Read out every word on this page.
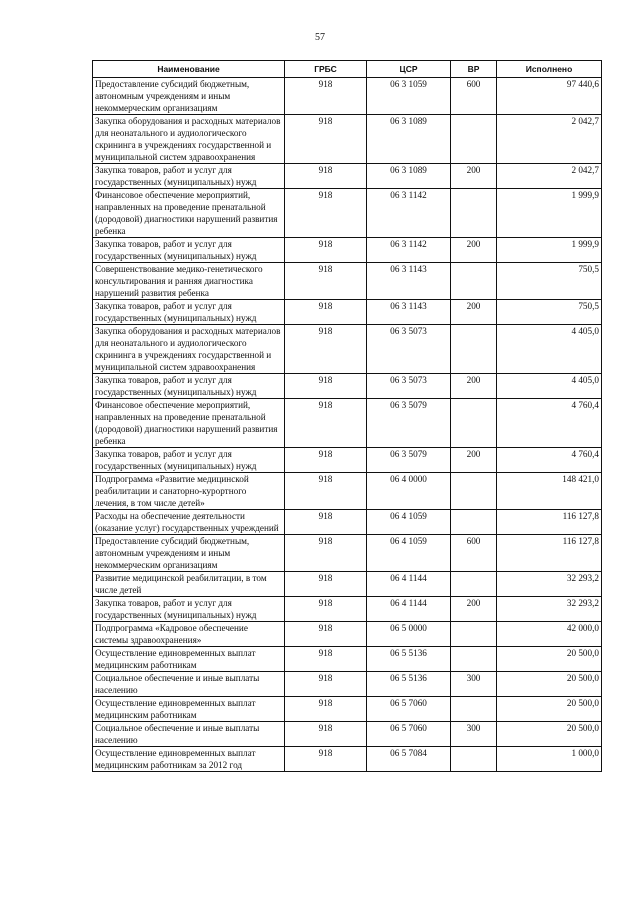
57
Наименование	ГРБС	ЦСР	ВР	Исполнено
Предоставление субсидий бюджетным, автономным учреждениям и иным некоммерческим организациям	918	06 3 1059	600	97 440,6
Закупка оборудования и расходных материалов для неонатального и аудиологического скрининга в учреждениях государственной и муниципальной систем здравоохранения	918	06 3 1089		2 042,7
Закупка товаров, работ и услуг для государственных (муниципальных) нужд	918	06 3 1089	200	2 042,7
Финансовое обеспечение мероприятий, направленных на проведение пренатальной (дородовой) диагностики нарушений развития ребенка	918	06 3 1142		1 999,9
Закупка товаров, работ и услуг для государственных (муниципальных) нужд	918	06 3 1142	200	1 999,9
Совершенствование медико-генетического консультирования и ранняя диагностика нарушений развития ребенка	918	06 3 1143		750,5
Закупка товаров, работ и услуг для государственных (муниципальных) нужд	918	06 3 1143	200	750,5
Закупка оборудования и расходных материалов для неонатального и аудиологического скрининга в учреждениях государственной и муниципальной систем здравоохранения	918	06 3 5073		4 405,0
Закупка товаров, работ и услуг для государственных (муниципальных) нужд	918	06 3 5073	200	4 405,0
Финансовое обеспечение мероприятий, направленных на проведение пренатальной (дородовой) диагностики нарушений развития ребенка	918	06 3 5079		4 760,4
Закупка товаров, работ и услуг для государственных (муниципальных) нужд	918	06 3 5079	200	4 760,4
Подпрограмма «Развитие медицинской реабилитации и санаторно-курортного лечения, в том числе детей»	918	06 4 0000		148 421,0
Расходы на обеспечение деятельности (оказание услуг) государственных учреждений	918	06 4 1059		116 127,8
Предоставление субсидий бюджетным, автономным учреждениям и иным некоммерческим организациям	918	06 4 1059	600	116 127,8
Развитие медицинской реабилитации, в том числе детей	918	06 4 1144		32 293,2
Закупка товаров, работ и услуг для государственных (муниципальных) нужд	918	06 4 1144	200	32 293,2
Подпрограмма «Кадровое обеспечение системы здравоохранения»	918	06 5 0000		42 000,0
Осуществление единовременных выплат медицинским работникам	918	06 5 5136		20 500,0
Социальное обеспечение и иные выплаты населению	918	06 5 5136	300	20 500,0
Осуществление единовременных выплат медицинским работникам	918	06 5 7060		20 500,0
Социальное обеспечение и иные выплаты населению	918	06 5 7060	300	20 500,0
Осуществление единовременных выплат медицинским работникам за 2012 год	918	06 5 7084		1 000,0
